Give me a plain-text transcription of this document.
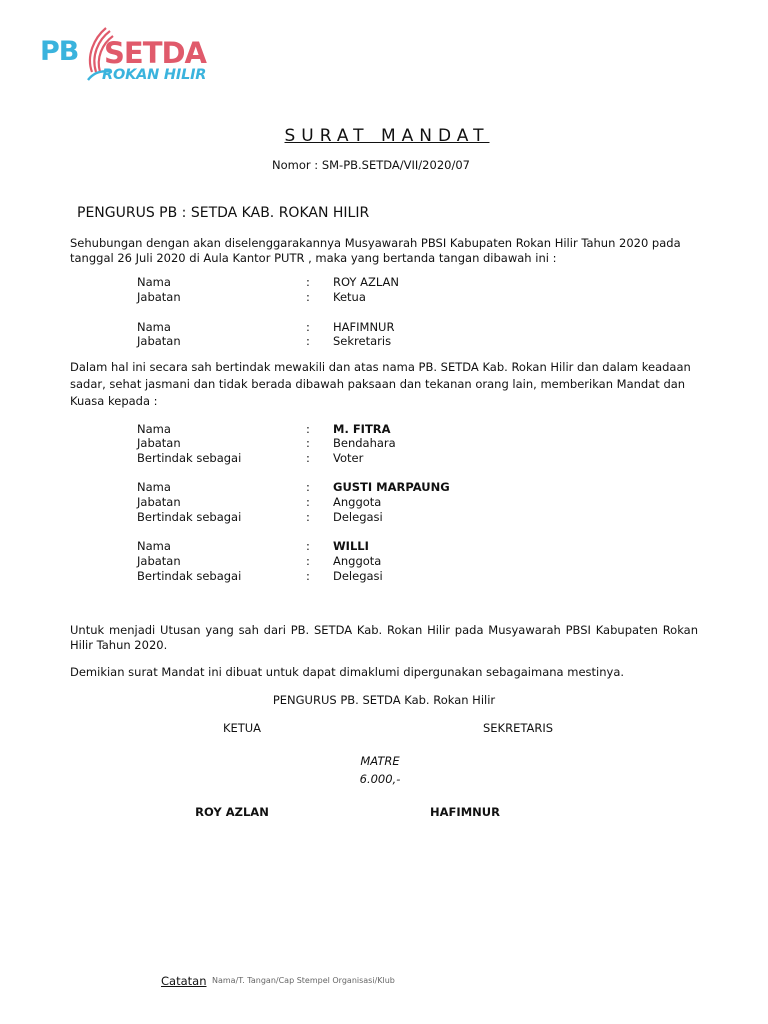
PB SETDA
ROKAN HILIR
SURAT MANDAT
Nomor : SM-PB.SETDA/VII/2020/07
PENGURUS PB : SETDA KAB. ROKAN HILIR
Sehubungan dengan akan diselenggarakannya Musyawarah PBSI Kabupaten Rokan Hilir Tahun 2020 pada tanggal 26 Juli 2020 di Aula Kantor PUTR , maka yang bertanda tangan dibawah ini :
Nama	: ROY AZLAN
Jabatan	: Ketua
Nama	: HAFIMNUR
Jabatan	: Sekretaris
Dalam hal ini secara sah bertindak mewakili dan atas nama PB. SETDA Kab. Rokan Hilir dan dalam keadaan sadar, sehat jasmani dan tidak berada dibawah paksaan dan tekanan orang lain, memberikan Mandat dan Kuasa kepada :
Nama	: M. FITRA
Jabatan	: Bendahara
Bertindak sebagai	: Voter
Nama	: GUSTI MARPAUNG
Jabatan	: Anggota
Bertindak sebagai	: Delegasi
Nama	: WILLI
Jabatan	: Anggota
Bertindak sebagai	: Delegasi
Untuk menjadi Utusan yang sah dari PB. SETDA Kab. Rokan Hilir pada Musyawarah PBSI Kabupaten Rokan Hilir Tahun 2020.
Demikian surat Mandat ini dibuat untuk dapat dimaklumi dipergunakan sebagaimana mestinya.
PENGURUS PB. SETDA Kab. Rokan Hilir
KETUA	SEKRETARIS
MATRE
6.000,-
ROY AZLAN	HAFIMNUR
Catatan Nama/T. Tangan/Cap Stempel Organisasi/Klub
